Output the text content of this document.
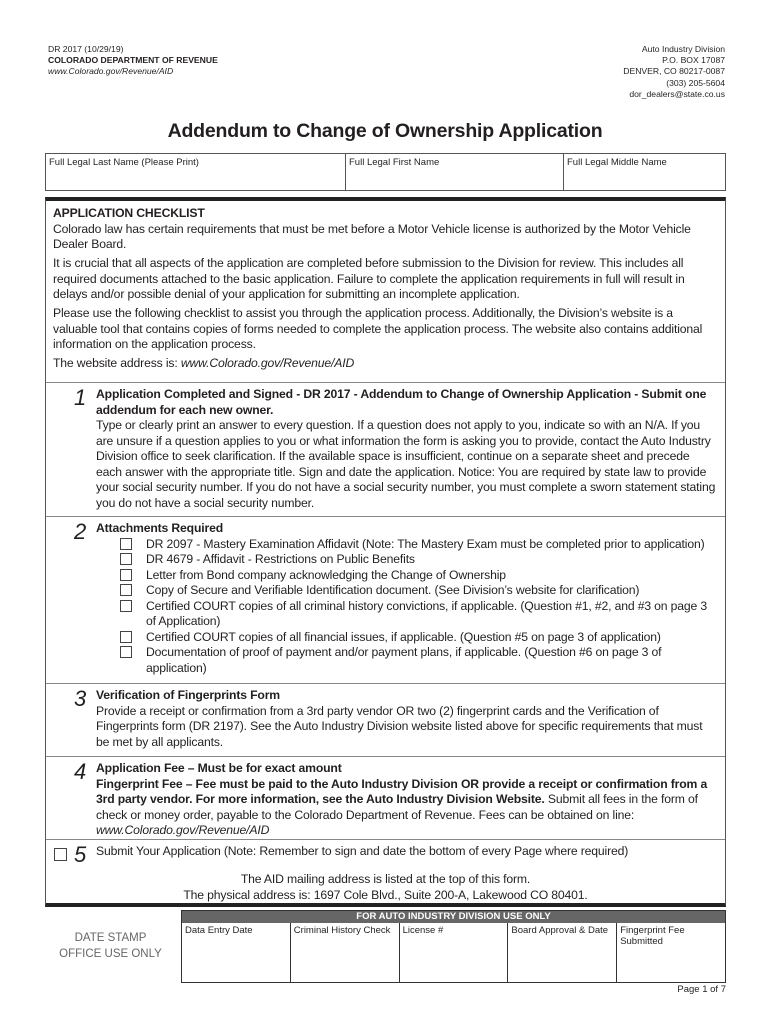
DR 2017 (10/29/19)
COLORADO DEPARTMENT OF REVENUE
www.Colorado.gov/Revenue/AID
Auto Industry Division
P.O. BOX 17087
DENVER, CO 80217-0087
(303) 205-5604
dor_dealers@state.co.us
Addendum to Change of Ownership Application
Full Legal Last Name (Please Print)	Full Legal First Name	Full Legal Middle Name
APPLICATION CHECKLIST

Colorado law has certain requirements that must be met before a Motor Vehicle license is authorized by the Motor Vehicle Dealer Board.

It is crucial that all aspects of the application are completed before submission to the Division for review. This includes all required documents attached to the basic application. Failure to complete the application requirements in full will result in delays and/or possible denial of your application for submitting an incomplete application.

Please use the following checklist to assist you through the application process. Additionally, the Division’s website is a valuable tool that contains copies of forms needed to complete the application process. The website also contains additional information on the application process.

The website address is: www.Colorado.gov/Revenue/AID

1 Application Completed and Signed - DR 2017 - Addendum to Change of Ownership Application - Submit one addendum for each new owner.
Type or clearly print an answer to every question. If a question does not apply to you, indicate so with an N/A. If you are unsure if a question applies to you or what information the form is asking you to provide, contact the Auto Industry Division office to seek clarification. If the available space is insufficient, continue on a separate sheet and precede each answer with the appropriate title. Sign and date the application. Notice: You are required by state law to provide your social security number. If you do not have a social security number, you must complete a sworn statement stating you do not have a social security number.
2 Attachments Required
DR 2097 - Mastery Examination Affidavit (Note: The Mastery Exam must be completed prior to application)
DR 4679 - Affidavit - Restrictions on Public Benefits
Letter from Bond company acknowledging the Change of Ownership
Copy of Secure and Verifiable Identification document. (See Division’s website for clarification)
Certified COURT copies of all criminal history convictions, if applicable. (Question #1, #2, and #3 on page 3 of Application)
Certified COURT copies of all financial issues, if applicable. (Question #5 on page 3 of application)
Documentation of proof of payment and/or payment plans, if applicable. (Question #6 on page 3 of application)
3 Verification of Fingerprints Form
Provide a receipt or confirmation from a 3rd party vendor OR two (2) fingerprint cards and the Verification of Fingerprints form (DR 2197). See the Auto Industry Division website listed above for specific requirements that must be met by all applicants.
4 Application Fee – Must be for exact amount
Fingerprint Fee – Fee must be paid to the Auto Industry Division OR provide a receipt or confirmation from a 3rd party vendor. For more information, see the Auto Industry Division Website. Submit all fees in the form of check or money order, payable to the Colorado Department of Revenue. Fees can be obtained on line: www.Colorado.gov/Revenue/AID
5 Submit Your Application (Note: Remember to sign and date the bottom of every Page where required)
The AID mailing address is listed at the top of this form.
The physical address is: 1697 Cole Blvd., Suite 200-A, Lakewood CO 80401.
DATE STAMP
OFFICE USE ONLY
FOR AUTO INDUSTRY DIVISION USE ONLY
Data Entry Date	Criminal History Check	License #	Board Approval & Date	Fingerprint Fee Submitted
Page 1 of 7
